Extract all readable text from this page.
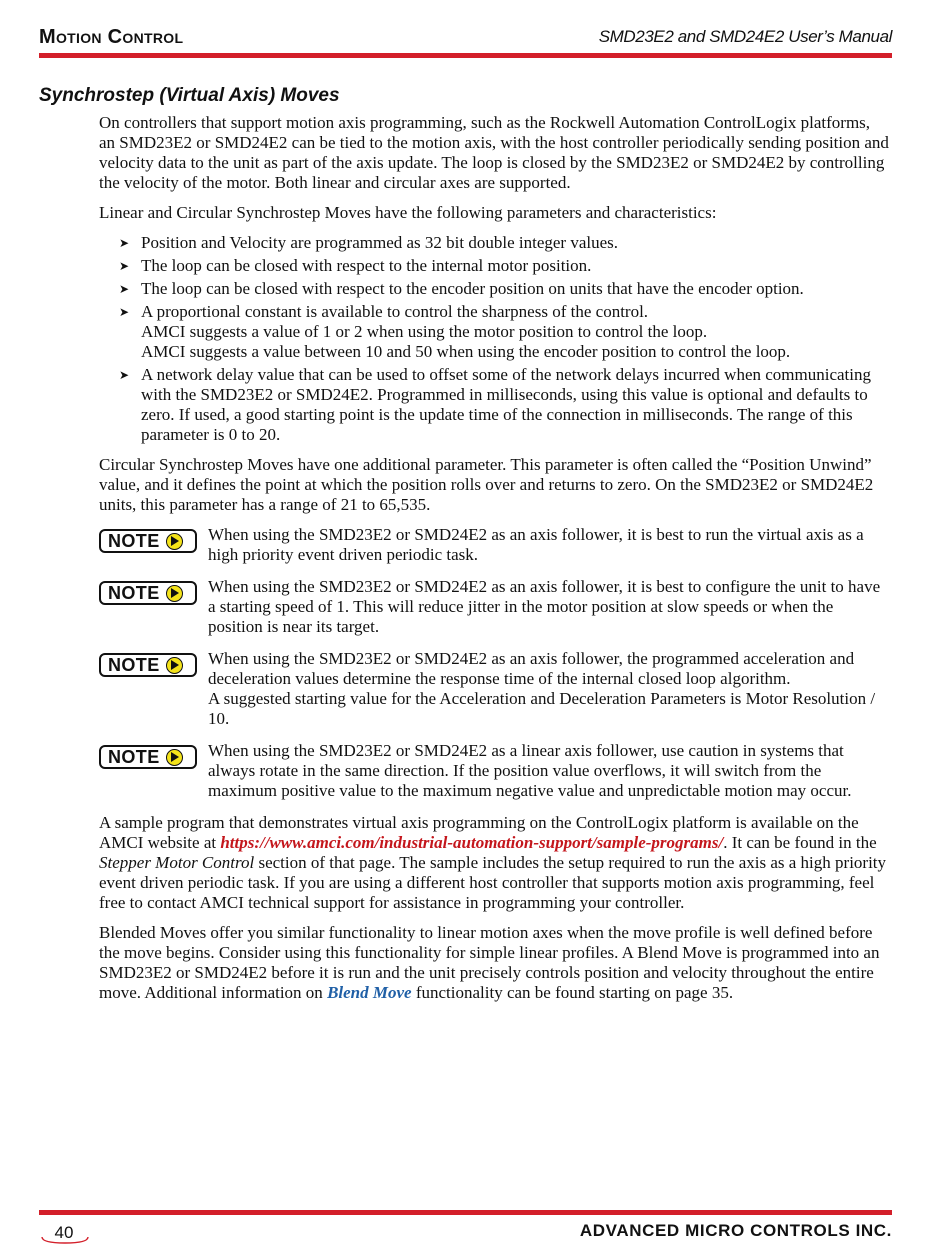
Motion Control	SMD23E2 and SMD24E2 User’s Manual
Synchrostep (Virtual Axis) Moves

On controllers that support motion axis programming, such as the Rockwell Automation ControlLogix platforms, an SMD23E2 or SMD24E2 can be tied to the motion axis, with the host controller periodically sending position and velocity data to the unit as part of the axis update. The loop is closed by the SMD23E2 or SMD24E2 by controlling the velocity of the motor. Both linear and circular axes are supported.

Linear and Circular Synchrostep Moves have the following parameters and characteristics:

➤ Position and Velocity are programmed as 32 bit double integer values.
➤ The loop can be closed with respect to the internal motor position.
➤ The loop can be closed with respect to the encoder position on units that have the encoder option.
➤ A proportional constant is available to control the sharpness of the control.
AMCI suggests a value of 1 or 2 when using the motor position to control the loop.
AMCI suggests a value between 10 and 50 when using the encoder position to control the loop.
➤ A network delay value that can be used to offset some of the network delays incurred when communicating with the SMD23E2 or SMD24E2. Programmed in milliseconds, using this value is optional and defaults to zero. If used, a good starting point is the update time of the connection in milliseconds. The range of this parameter is 0 to 20.

Circular Synchrostep Moves have one additional parameter. This parameter is often called the “Position Unwind” value, and it defines the point at which the position rolls over and returns to zero. On the SMD23E2 or SMD24E2 units, this parameter has a range of 21 to 65,535.

NOTE	When using the SMD23E2 or SMD24E2 as an axis follower, it is best to run the virtual axis as a high priority event driven periodic task.
NOTE	When using the SMD23E2 or SMD24E2 as an axis follower, it is best to configure the unit to have a starting speed of 1. This will reduce jitter in the motor position at slow speeds or when the position is near its target.
NOTE	When using the SMD23E2 or SMD24E2 as an axis follower, the programmed acceleration and deceleration values determine the response time of the internal closed loop algorithm.
A suggested starting value for the Acceleration and Deceleration Parameters is Motor Resolution / 10.
NOTE	When using the SMD23E2 or SMD24E2 as a linear axis follower, use caution in systems that always rotate in the same direction. If the position value overflows, it will switch from the maximum positive value to the maximum negative value and unpredictable motion may occur.

A sample program that demonstrates virtual axis programming on the ControlLogix platform is available on the AMCI website at https://www.amci.com/industrial-automation-support/sample-programs/. It can be found in the Stepper Motor Control section of that page. The sample includes the setup required to run the axis as a high priority event driven periodic task. If you are using a different host controller that supports motion axis programming, feel free to contact AMCI technical support for assistance in programming your controller.

Blended Moves offer you similar functionality to linear motion axes when the move profile is well defined before the move begins. Consider using this functionality for simple linear profiles. A Blend Move is programmed into an SMD23E2 or SMD24E2 before it is run and the unit precisely controls position and velocity throughout the entire move. Additional information on Blend Move functionality can be found starting on page 35.

40	ADVANCED MICRO CONTROLS INC.
